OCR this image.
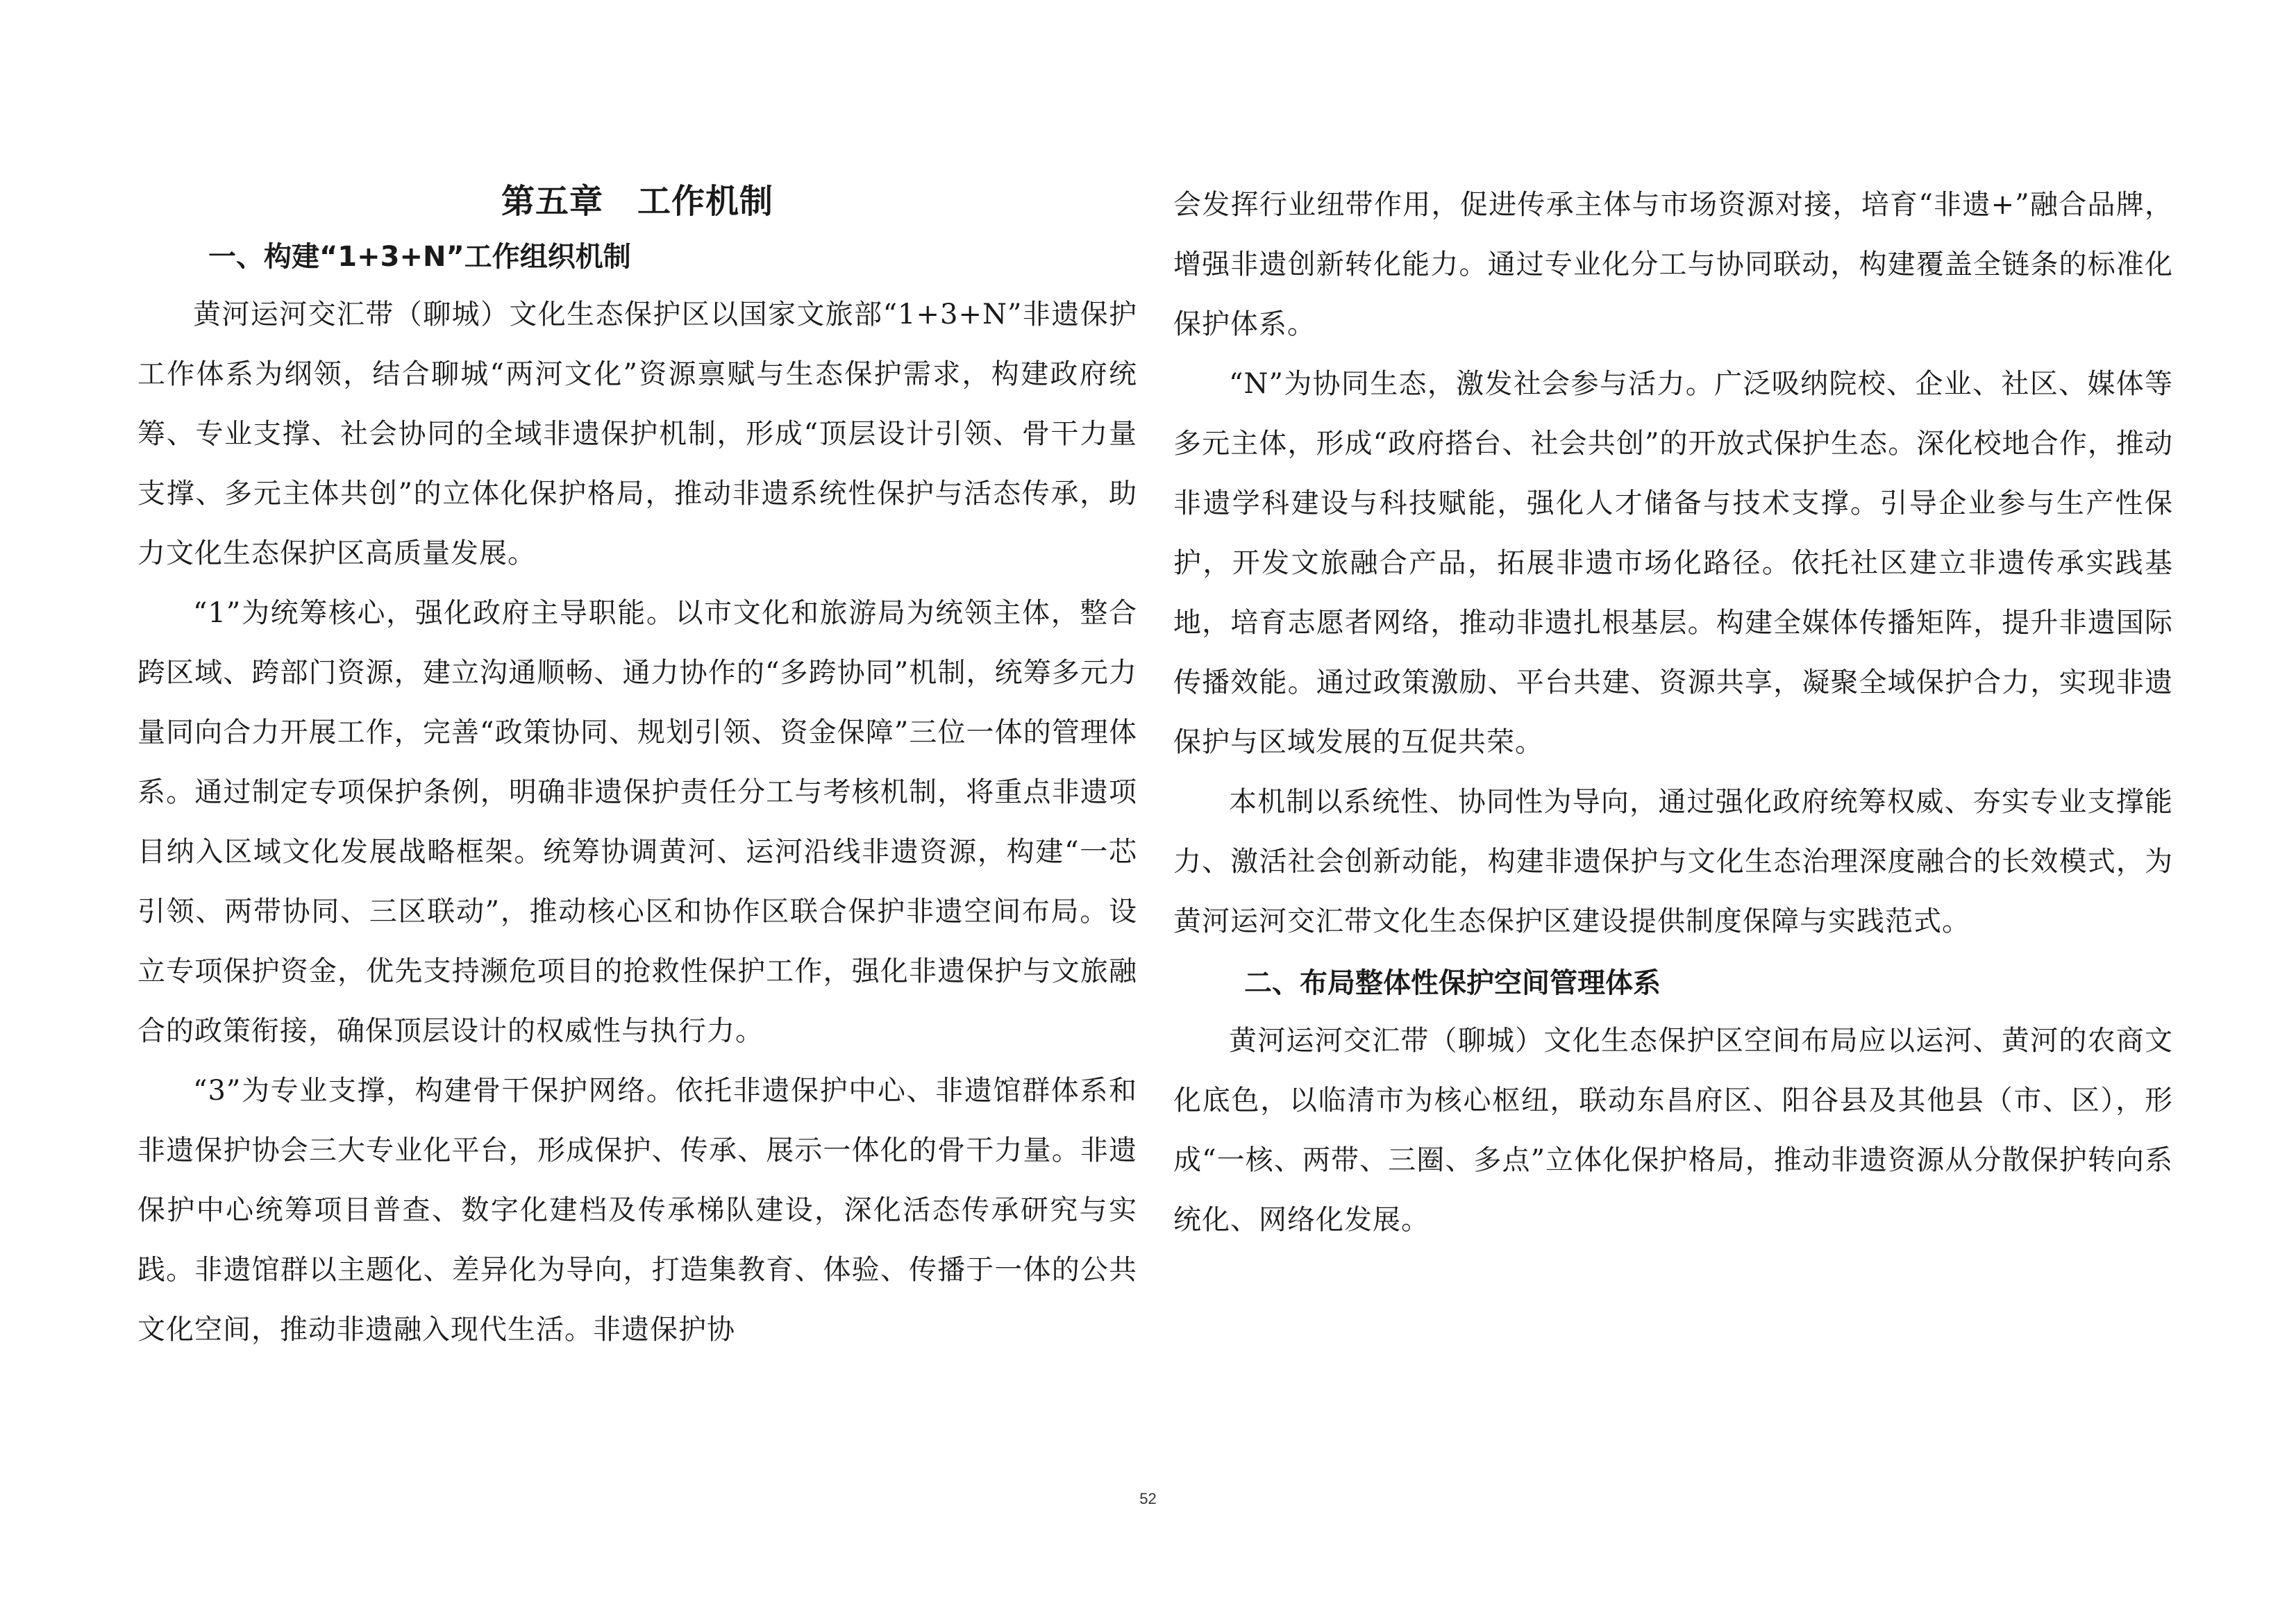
第五章　工作机制
一、构建“1+3+N”工作组织机制

黄河运河交汇带（聊城）文化生态保护区以国家文旅部“1+3+N”非遗保护工作体系为纲领，结合聊城“两河文化”资源禀赋与生态保护需求，构建政府统筹、专业支撑、社会协同的全域非遗保护机制，形成“顶层设计引领、骨干力量支撑、多元主体共创”的立体化保护格局，推动非遗系统性保护与活态传承，助力文化生态保护区高质量发展。

“1”为统筹核心，强化政府主导职能。以市文化和旅游局为统领主体，整合跨区域、跨部门资源，建立沟通顺畅、通力协作的“多跨协同”机制，统筹多元力量同向合力开展工作，完善“政策协同、规划引领、资金保障”三位一体的管理体系。通过制定专项保护条例，明确非遗保护责任分工与考核机制，将重点非遗项目纳入区域文化发展战略框架。统筹协调黄河、运河沿线非遗资源，构建“一芯引领、两带协同、三区联动”，推动核心区和协作区联合保护非遗空间布局。设立专项保护资金，优先支持濒危项目的抢救性保护工作，强化非遗保护与文旅融合的政策衔接，确保顶层设计的权威性与执行力。

“3”为专业支撑，构建骨干保护网络。依托非遗保护中心、非遗馆群体系和非遗保护协会三大专业化平台，形成保护、传承、展示一体化的骨干力量。非遗保护中心统筹项目普查、数字化建档及传承梯队建设，深化活态传承研究与实践。非遗馆群以主题化、差异化为导向，打造集教育、体验、传播于一体的公共文化空间，推动非遗融入现代生活。非遗保护协

会发挥行业纽带作用，促进传承主体与市场资源对接，培育“非遗+”融合品牌，增强非遗创新转化能力。通过专业化分工与协同联动，构建覆盖全链条的标准化保护体系。

“N”为协同生态，激发社会参与活力。广泛吸纳院校、企业、社区、媒体等多元主体，形成“政府搭台、社会共创”的开放式保护生态。深化校地合作，推动非遗学科建设与科技赋能，强化人才储备与技术支撑。引导企业参与生产性保护，开发文旅融合产品，拓展非遗市场化路径。依托社区建立非遗传承实践基地，培育志愿者网络，推动非遗扎根基层。构建全媒体传播矩阵，提升非遗国际传播效能。通过政策激励、平台共建、资源共享，凝聚全域保护合力，实现非遗保护与区域发展的互促共荣。

本机制以系统性、协同性为导向，通过强化政府统筹权威、夯实专业支撑能力、激活社会创新动能，构建非遗保护与文化生态治理深度融合的长效模式，为黄河运河交汇带文化生态保护区建设提供制度保障与实践范式。

二、布局整体性保护空间管理体系

黄河运河交汇带（聊城）文化生态保护区空间布局应以运河、黄河的农商文化底色，以临清市为核心枢纽，联动东昌府区、阳谷县及其他县（市、区），形成“一核、两带、三圈、多点”立体化保护格局，推动非遗资源从分散保护转向系统化、网络化发展。

52
